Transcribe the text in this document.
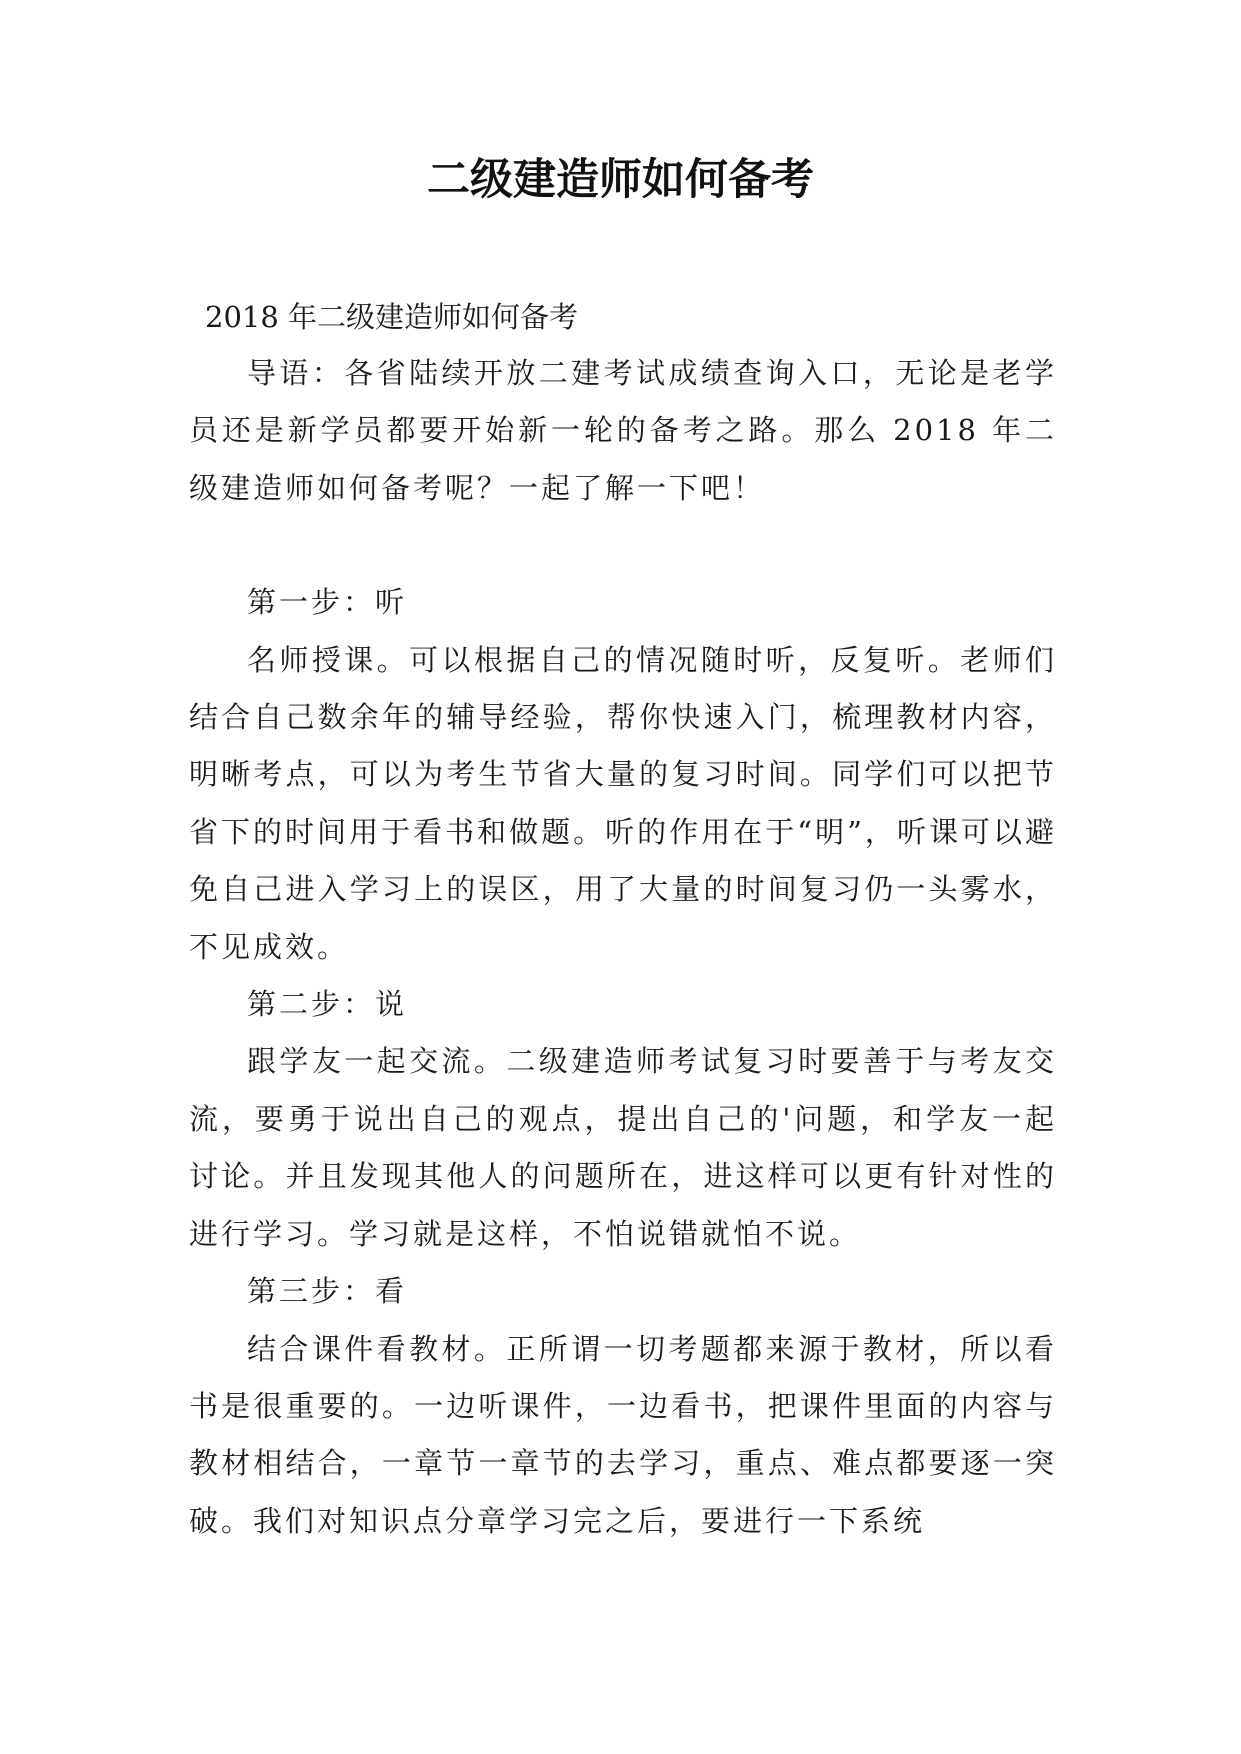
二级建造师如何备考
2018 年二级建造师如何备考

导语：各省陆续开放二建考试成绩查询入口，无论是老学员还是新学员都要开始新一轮的备考之路。那么 2018 年二级建造师如何备考呢？一起了解一下吧！

第一步：听

名师授课。可以根据自己的情况随时听，反复听。老师们结合自己数余年的辅导经验，帮你快速入门，梳理教材内容，明晰考点，可以为考生节省大量的复习时间。同学们可以把节省下的时间用于看书和做题。听的作用在于“明”，听课可以避免自己进入学习上的误区，用了大量的时间复习仍一头雾水，不见成效。

第二步：说

跟学友一起交流。二级建造师考试复习时要善于与考友交流，要勇于说出自己的观点，提出自己的'问题，和学友一起讨论。并且发现其他人的问题所在，进这样可以更有针对性的进行学习。学习就是这样，不怕说错就怕不说。

第三步：看

结合课件看教材。正所谓一切考题都来源于教材，所以看书是很重要的。一边听课件，一边看书，把课件里面的内容与教材相结合，一章节一章节的去学习，重点、难点都要逐一突破。我们对知识点分章学习完之后，要进行一下系统
